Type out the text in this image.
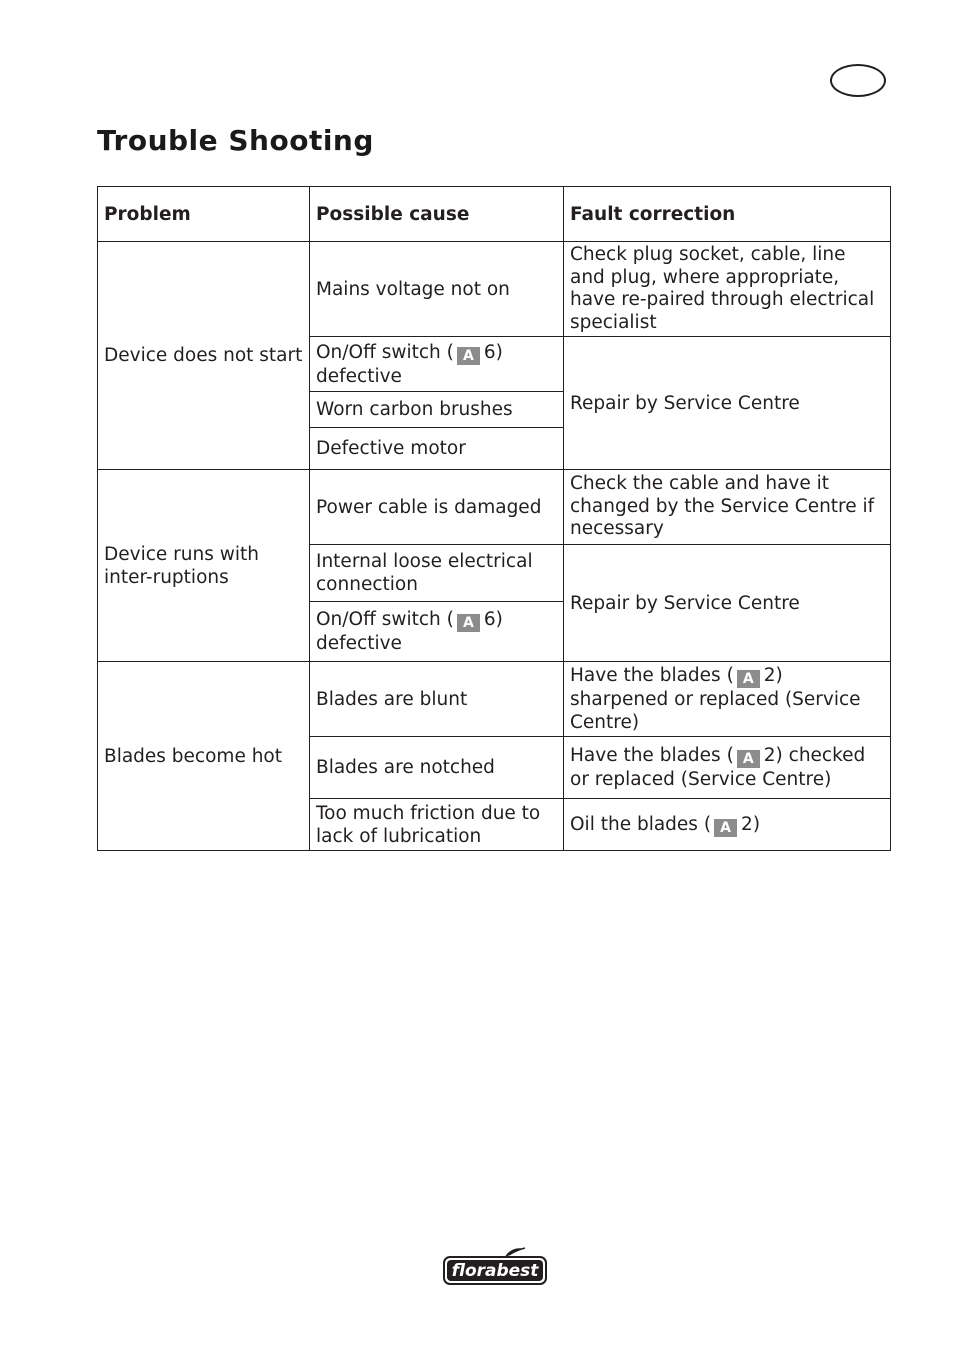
Trouble Shooting
Problem	Possible cause	Fault correction
Device does not start	Mains voltage not on	Check plug socket, cable, line and plug, where appropriate, have re-paired through electrical specialist
	On/Off switch ( A 6) defective	Repair by Service Centre
	Worn carbon brushes	
	Defective motor	
Device runs with inter-ruptions	Power cable is damaged	Check the cable and have it changed by the Service Centre if necessary
	Internal loose electrical connection	Repair by Service Centre
	On/Off switch ( A 6) defective	
Blades become hot	Blades are blunt	Have the blades ( A 2) sharpened or replaced (Service Centre)
	Blades are notched	Have the blades ( A 2) checked or replaced (Service Centre)
	Too much friction due to lack of lubrication	Oil the blades ( A 2)
florabest
